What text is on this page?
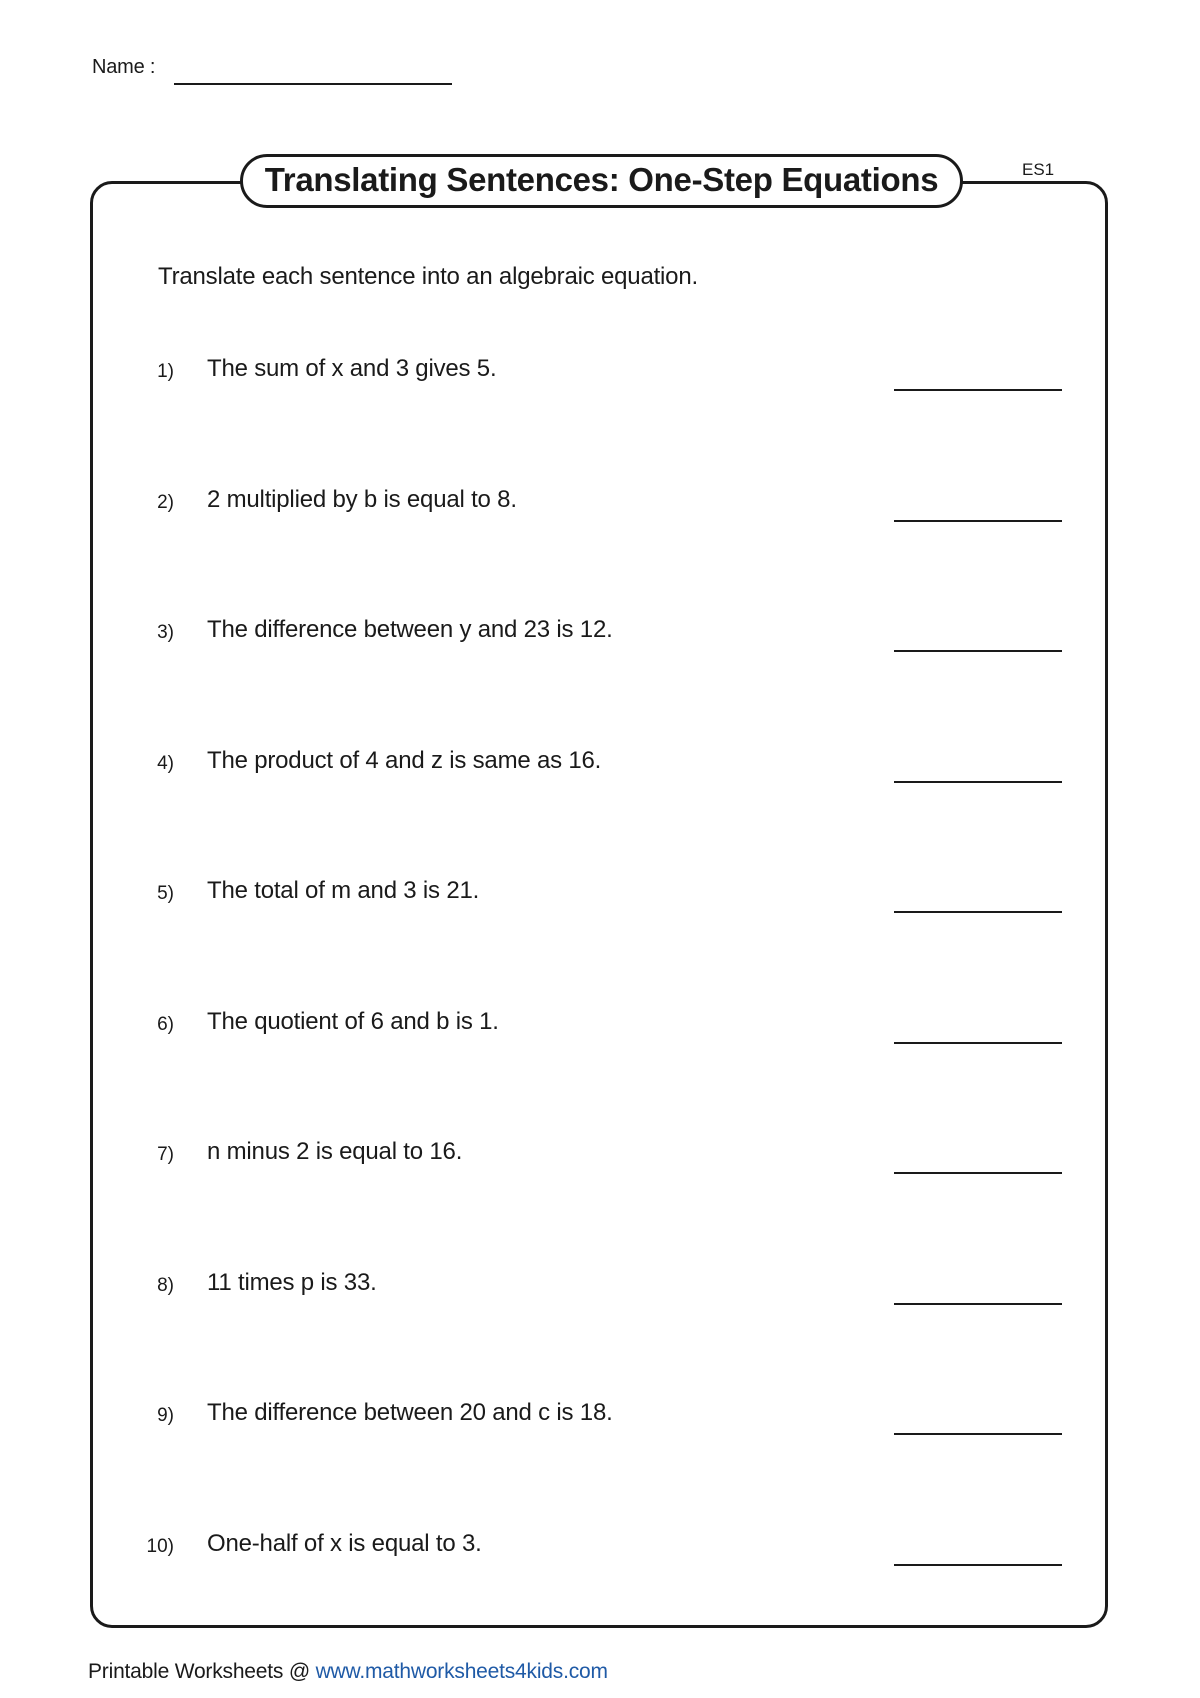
Name :
Translating Sentences: One-Step Equations	ES1
Translate each sentence into an algebraic equation.
1) The sum of x and 3 gives 5.
2) 2 multiplied by b is equal to 8.
3) The difference between y and 23 is 12.
4) The product of 4 and z is same as 16.
5) The total of m and 3 is 21.
6) The quotient of 6 and b is 1.
7) n minus 2 is equal to 16.
8) 11 times p is 33.
9) The difference between 20 and c is 18.
10) One-half of x is equal to 3.
Printable Worksheets @ www.mathworksheets4kids.com
